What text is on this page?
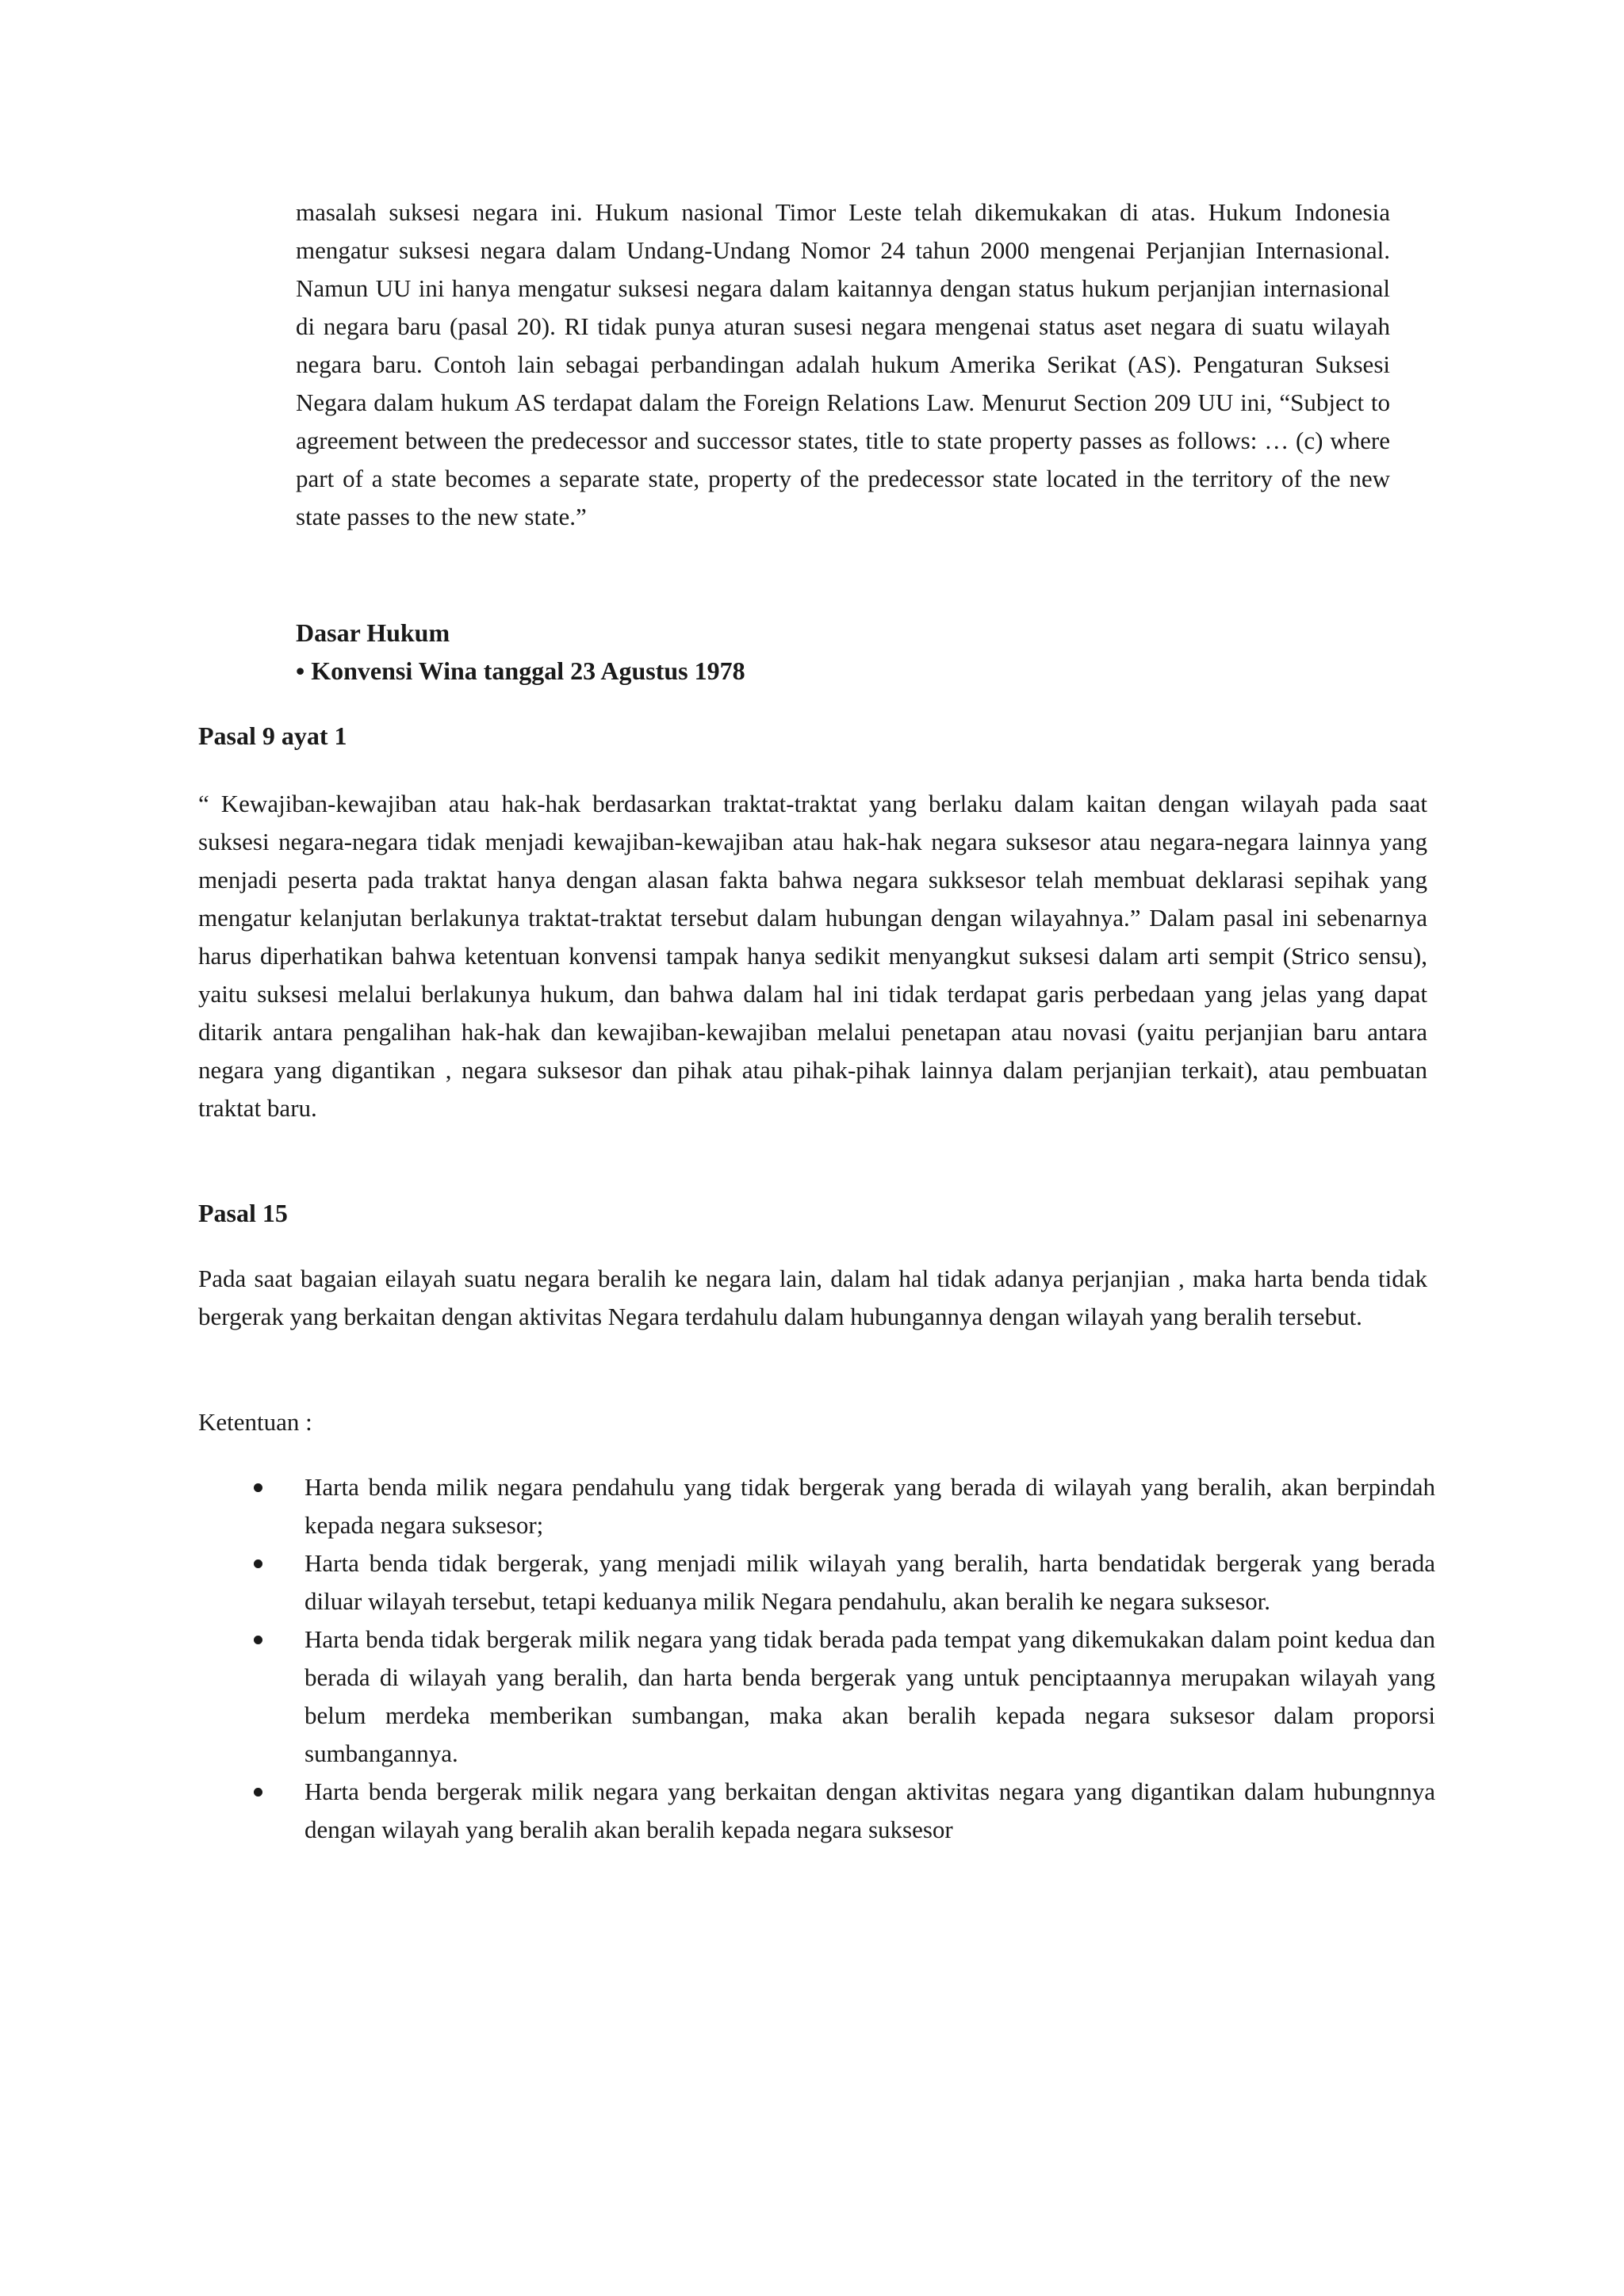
masalah suksesi negara ini. Hukum nasional Timor Leste telah dikemukakan di atas. Hukum Indonesia mengatur suksesi negara dalam Undang-Undang Nomor 24 tahun 2000 mengenai Perjanjian Internasional. Namun UU ini hanya mengatur suksesi negara dalam kaitannya dengan status hukum perjanjian internasional di negara baru (pasal 20). RI tidak punya aturan susesi negara mengenai status aset negara di suatu wilayah negara baru. Contoh lain sebagai perbandingan adalah hukum Amerika Serikat (AS). Pengaturan Suksesi Negara dalam hukum AS terdapat dalam the Foreign Relations Law. Menurut Section 209 UU ini, “Subject to agreement between the predecessor and successor states, title to state property passes as follows: … (c) where part of a state becomes a separate state, property of the predecessor state located in the territory of the new state passes to the new state.”

Dasar Hukum
• Konvensi Wina tanggal 23 Agustus 1978
Pasal 9 ayat 1

“ Kewajiban-kewajiban atau hak-hak berdasarkan traktat-traktat yang berlaku dalam kaitan dengan wilayah pada saat suksesi negara-negara tidak menjadi kewajiban-kewajiban atau hak-hak negara suksesor atau negara-negara lainnya yang menjadi peserta pada traktat hanya dengan alasan fakta bahwa negara sukksesor telah membuat deklarasi sepihak yang mengatur kelanjutan berlakunya traktat-traktat tersebut dalam hubungan dengan wilayahnya.” Dalam pasal ini sebenarnya harus diperhatikan bahwa ketentuan konvensi tampak hanya sedikit menyangkut suksesi dalam arti sempit (Strico sensu), yaitu suksesi melalui berlakunya hukum, dan bahwa dalam hal ini tidak terdapat garis perbedaan yang jelas yang dapat ditarik antara pengalihan hak-hak dan kewajiban-kewajiban melalui penetapan atau novasi (yaitu perjanjian baru antara negara yang digantikan , negara suksesor dan pihak atau pihak-pihak lainnya dalam perjanjian terkait), atau pembuatan traktat baru.

Pasal 15

Pada saat bagaian eilayah suatu negara beralih ke negara lain, dalam hal tidak adanya perjanjian , maka harta benda tidak bergerak yang berkaitan dengan aktivitas Negara terdahulu dalam hubungannya dengan wilayah yang beralih tersebut.

Ketentuan :

Harta benda milik negara pendahulu yang tidak bergerak yang berada di wilayah yang beralih, akan berpindah kepada negara suksesor;
Harta benda tidak bergerak, yang menjadi milik wilayah yang beralih, harta bendatidak bergerak yang berada diluar wilayah tersebut, tetapi keduanya milik Negara pendahulu, akan beralih ke negara suksesor.
Harta benda tidak bergerak milik negara yang tidak berada pada tempat yang dikemukakan dalam point kedua dan berada di wilayah yang beralih, dan harta benda bergerak yang untuk penciptaannya merupakan wilayah yang belum merdeka memberikan sumbangan, maka akan beralih kepada negara suksesor dalam proporsi sumbangannya.
Harta benda bergerak milik negara yang berkaitan dengan aktivitas negara yang digantikan dalam hubungnnya dengan wilayah yang beralih akan beralih kepada negara suksesor
